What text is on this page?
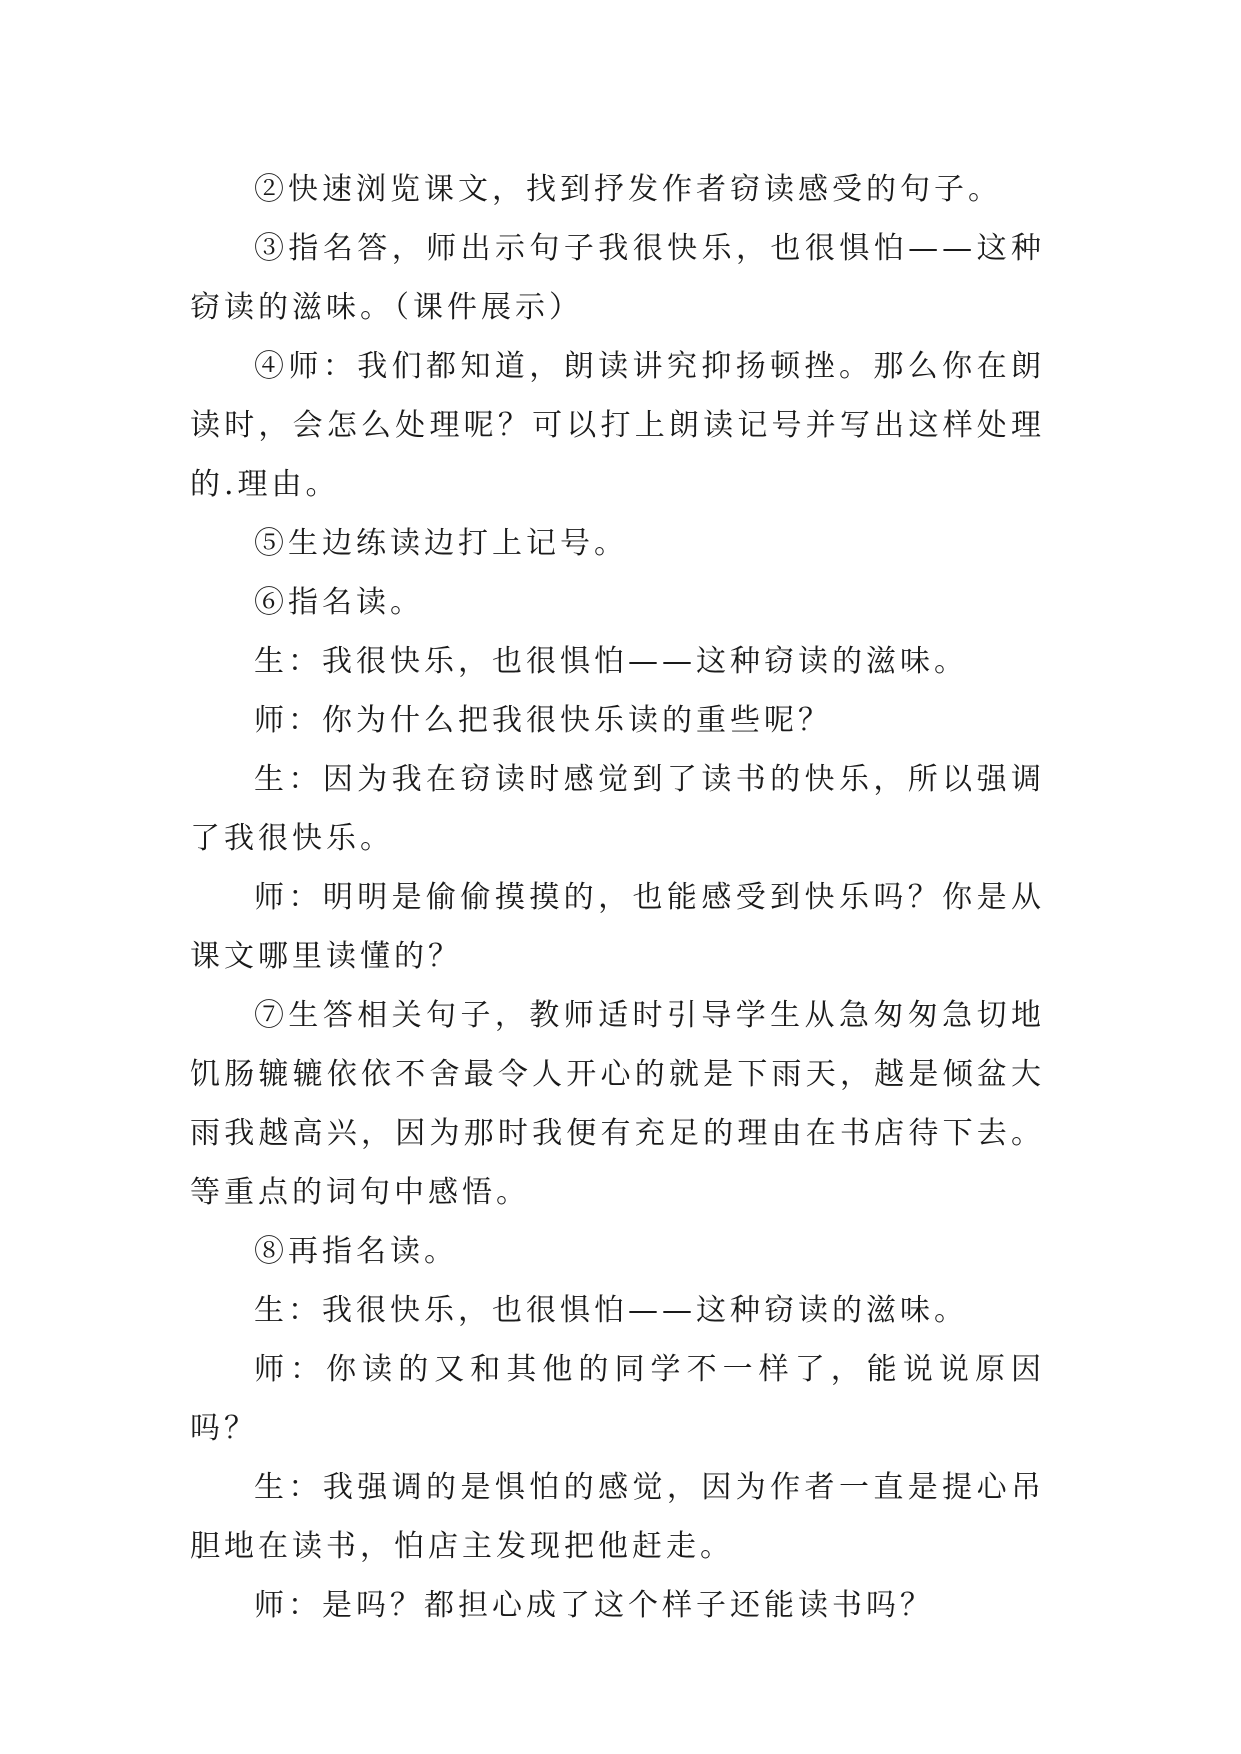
②快速浏览课文，找到抒发作者窃读感受的句子。

③指名答，师出示句子我很快乐，也很惧怕——这种窃读的滋味。（课件展示）

④师：我们都知道，朗读讲究抑扬顿挫。那么你在朗读时，会怎么处理呢？可以打上朗读记号并写出这样处理的.理由。

⑤生边练读边打上记号。

⑥指名读。

生：我很快乐，也很惧怕——这种窃读的滋味。

师：你为什么把我很快乐读的重些呢？

生：因为我在窃读时感觉到了读书的快乐，所以强调了我很快乐。

师：明明是偷偷摸摸的，也能感受到快乐吗？你是从课文哪里读懂的？

⑦生答相关句子，教师适时引导学生从急匆匆急切地饥肠辘辘依依不舍最令人开心的就是下雨天，越是倾盆大雨我越高兴，因为那时我便有充足的理由在书店待下去。等重点的词句中感悟。

⑧再指名读。

生：我很快乐，也很惧怕——这种窃读的滋味。

师：你读的又和其他的同学不一样了，能说说原因吗？

生：我强调的是惧怕的感觉，因为作者一直是提心吊胆地在读书，怕店主发现把他赶走。

师：是吗？都担心成了这个样子还能读书吗？
